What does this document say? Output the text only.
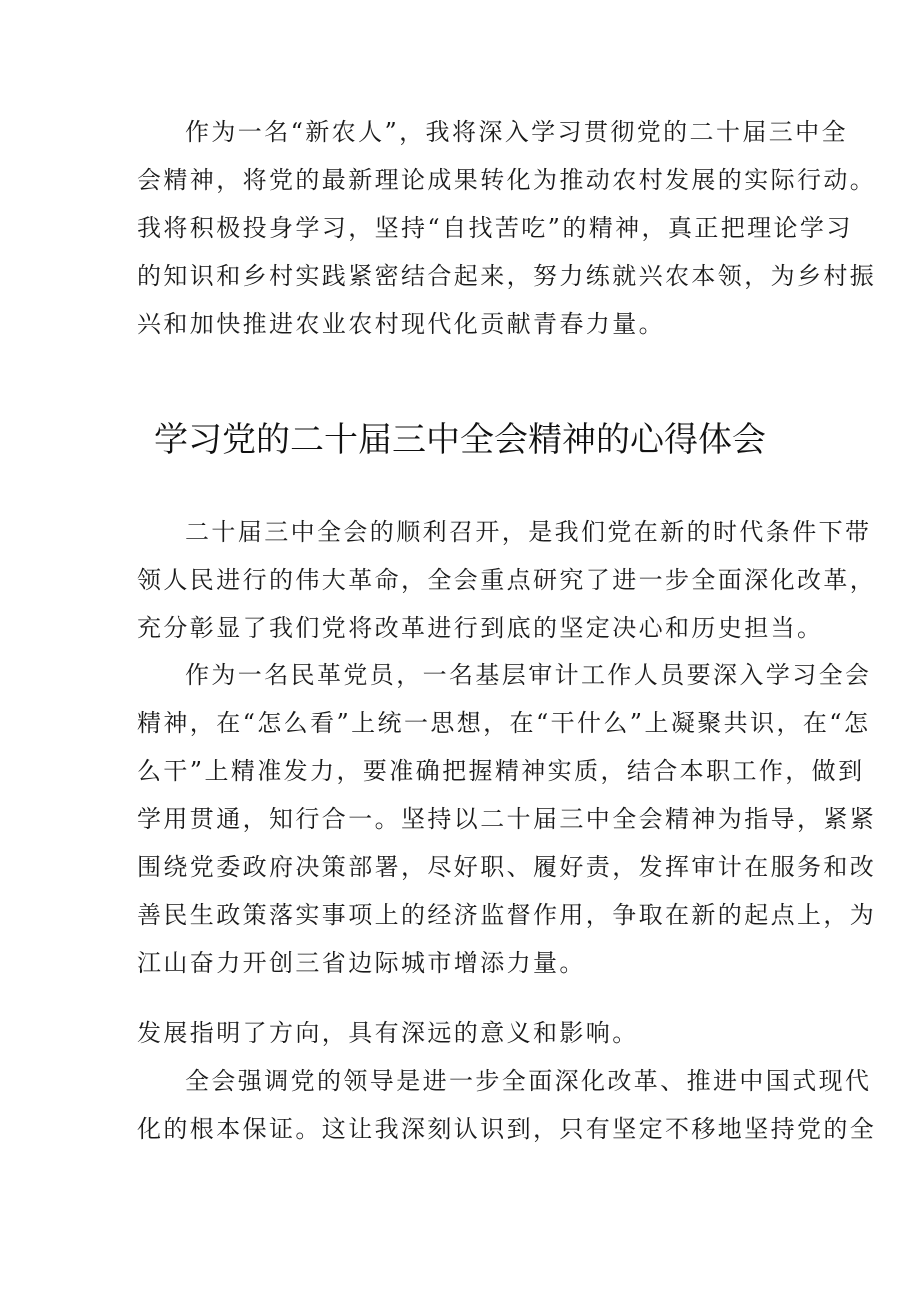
作为一名“新农人”，我将深入学习贯彻党的二十届三中全
会精神，将党的最新理论成果转化为推动农村发展的实际行动。
我将积极投身学习，坚持“自找苦吃”的精神，真正把理论学习
的知识和乡村实践紧密结合起来，努力练就兴农本领，为乡村振
兴和加快推进农业农村现代化贡献青春力量。
学习党的二十届三中全会精神的心得体会
二十届三中全会的顺利召开，是我们党在新的时代条件下带
领人民进行的伟大革命，全会重点研究了进一步全面深化改革，
充分彰显了我们党将改革进行到底的坚定决心和历史担当。
作为一名民革党员，一名基层审计工作人员要深入学习全会
精神，在“怎么看”上统一思想，在“干什么”上凝聚共识，在“怎
么干”上精准发力，要准确把握精神实质，结合本职工作，做到
学用贯通，知行合一。坚持以二十届三中全会精神为指导，紧紧
围绕党委政府决策部署，尽好职、履好责，发挥审计在服务和改
善民生政策落实事项上的经济监督作用，争取在新的起点上，为
江山奋力开创三省边际城市增添力量。
发展指明了方向，具有深远的意义和影响。
全会强调党的领导是进一步全面深化改革、推进中国式现代
化的根本保证。这让我深刻认识到，只有坚定不移地坚持党的全
